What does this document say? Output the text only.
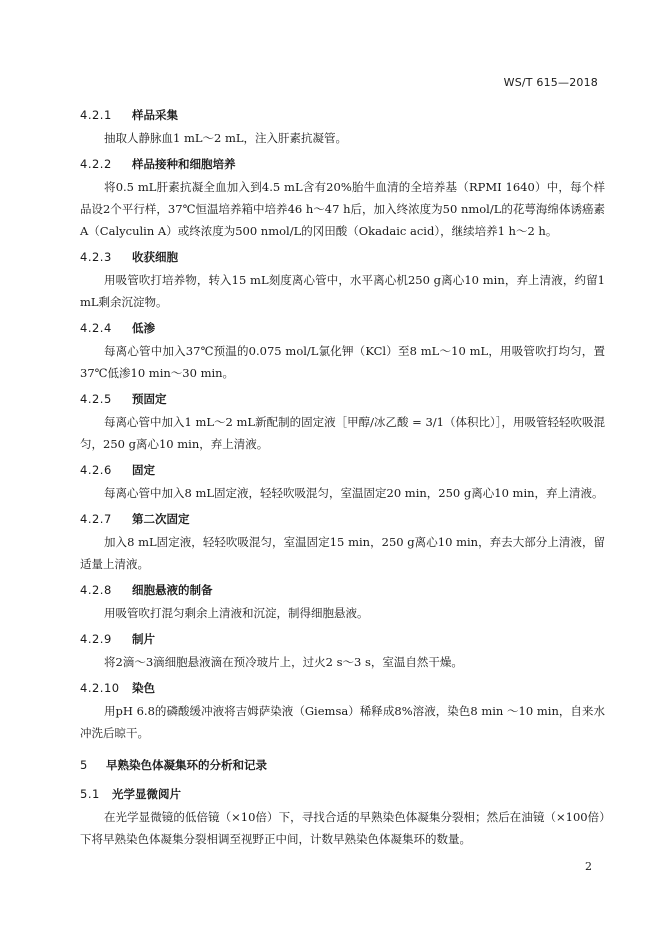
WS/T 615—2018
4.2.1 样品采集
抽取人静脉血1 mL～2 mL，注入肝素抗凝管。
4.2.2 样品接种和细胞培养
将0.5 mL肝素抗凝全血加入到4.5 mL含有20%胎牛血清的全培养基（RPMI 1640）中，每个样品设2个平行样，37℃恒温培养箱中培养46 h～47 h后，加入终浓度为50 nmol/L的花萼海绵体诱癌素A（Calyculin A）或终浓度为500 nmol/L的冈田酸（Okadaic acid），继续培养1 h～2 h。
4.2.3 收获细胞
用吸管吹打培养物，转入15 mL刻度离心管中，水平离心机250 g离心10 min，弃上清液，约留1 mL剩余沉淀物。
4.2.4 低渗
每离心管中加入37℃预温的0.075 mol/L氯化钾（KCl）至8 mL～10 mL，用吸管吹打均匀，置37℃低渗10 min～30 min。
4.2.5 预固定
每离心管中加入1 mL～2 mL新配制的固定液［甲醇/冰乙酸 = 3/1（体积比）］，用吸管轻轻吹吸混匀，250 g离心10 min，弃上清液。
4.2.6 固定
每离心管中加入8 mL固定液，轻轻吹吸混匀，室温固定20 min，250 g离心10 min，弃上清液。
4.2.7 第二次固定
加入8 mL固定液，轻轻吹吸混匀，室温固定15 min，250 g离心10 min，弃去大部分上清液，留适量上清液。
4.2.8 细胞悬液的制备
用吸管吹打混匀剩余上清液和沉淀，制得细胞悬液。
4.2.9 制片
将2滴～3滴细胞悬液滴在预冷玻片上，过火2 s～3 s，室温自然干燥。
4.2.10 染色
用pH 6.8的磷酸缓冲液将吉姆萨染液（Giemsa）稀释成8%溶液，染色8 min ～10 min，自来水冲洗后晾干。
5 早熟染色体凝集环的分析和记录
5.1 光学显微阅片
在光学显微镜的低倍镜（×10倍）下，寻找合适的早熟染色体凝集分裂相；然后在油镜（×100倍）下将早熟染色体凝集分裂相调至视野正中间，计数早熟染色体凝集环的数量。
2
